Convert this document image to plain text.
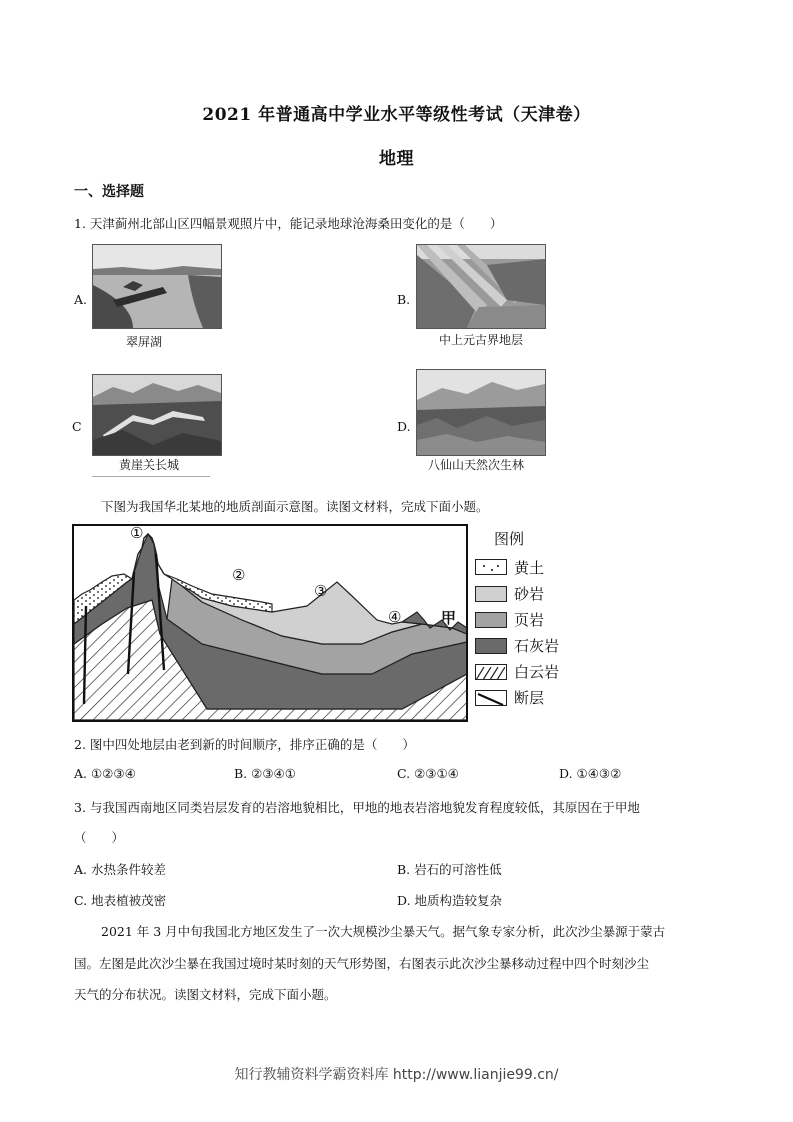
2021 年普通高中学业水平等级性考试（天津卷）
地理
一、选择题
1. 天津蓟州北部山区四幅景观照片中，能记录地球沧海桑田变化的是（　　）
A.
翠屏湖
B.
中上元古界地层
C
黄崖关长城
D.
八仙山天然次生林
下图为我国华北某地的地质剖面示意图。读图文材料，完成下面小题。
①
②
③
④	甲
图例
黄土
砂岩
页岩
石灰岩
白云岩
断层
2. 图中四处地层由老到新的时间顺序，排序正确的是（　　）
A. ①②③④	B. ②③④①	C. ②③①④	D. ①④③②
3. 与我国西南地区同类岩层发育的岩溶地貌相比，甲地的地表岩溶地貌发育程度较低，其原因在于甲地
（　　）
A. 水热条件较差	B. 岩石的可溶性低
C. 地表植被茂密	D. 地质构造较复杂
2021 年 3 月中旬我国北方地区发生了一次大规模沙尘暴天气。据气象专家分析，此次沙尘暴源于蒙古
国。左图是此次沙尘暴在我国过境时某时刻的天气形势图，右图表示此次沙尘暴移动过程中四个时刻沙尘
天气的分布状况。读图文材料，完成下面小题。
知行教辅资料学霸资料库 http://www.lianjie99.cn/
